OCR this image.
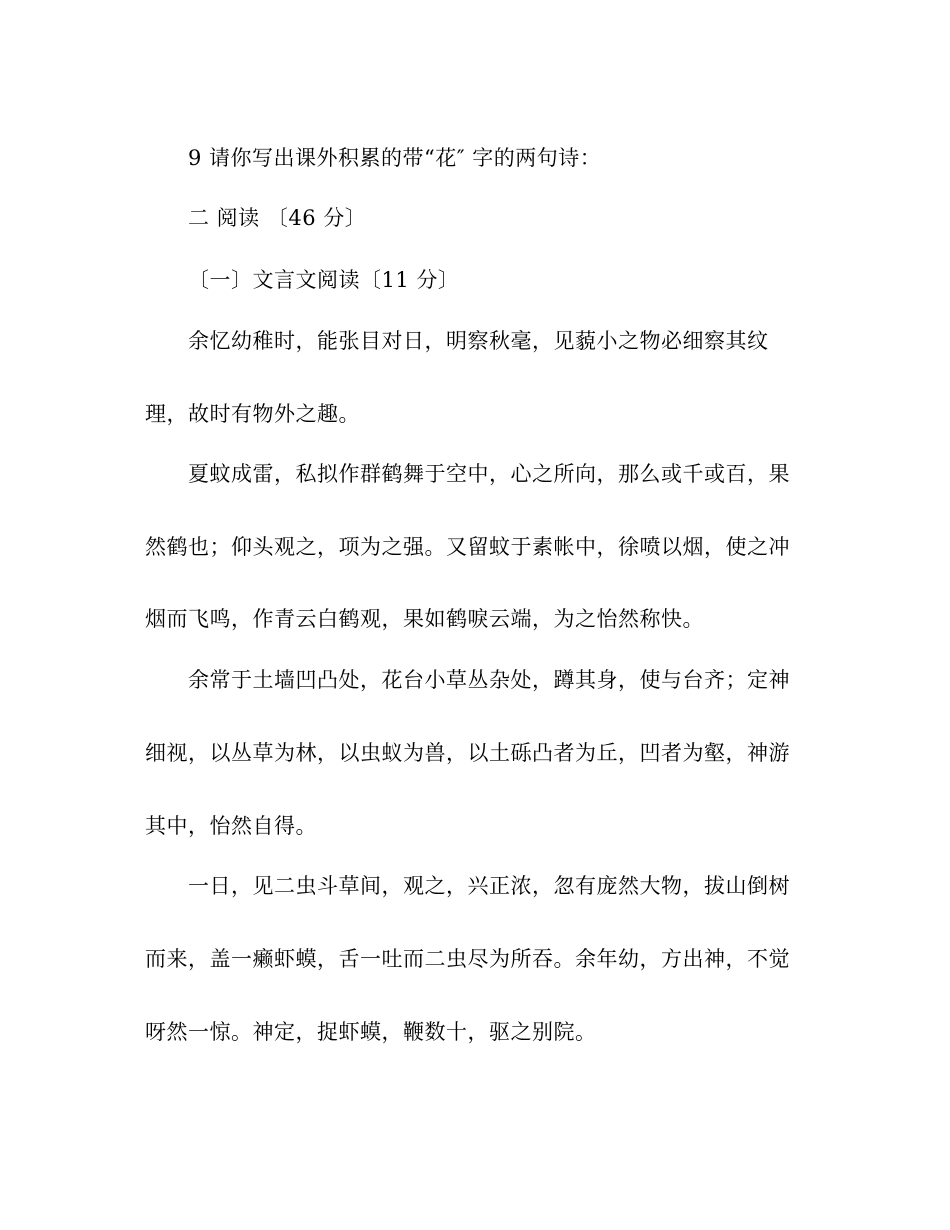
9 请你写出课外积累的带“花″ 字的两句诗：
二 阅读 〔46 分〕
〔一〕文言文阅读〔11 分〕
余忆幼稚时，能张目对日，明察秋毫，见藐小之物必细察其纹
理，故时有物外之趣。
夏蚊成雷，私拟作群鹤舞于空中，心之所向，那么或千或百，果
然鹤也；仰头观之，项为之强。又留蚊于素帐中，徐喷以烟，使之冲
烟而飞鸣，作青云白鹤观，果如鹤唳云端，为之怡然称快。
余常于土墙凹凸处，花台小草丛杂处，蹲其身，使与台齐；定神
细视，以丛草为林，以虫蚁为兽，以土砾凸者为丘，凹者为壑，神游
其中，怡然自得。
一日，见二虫斗草间，观之，兴正浓，忽有庞然大物，拔山倒树
而来，盖一癞虾蟆，舌一吐而二虫尽为所吞。余年幼，方出神，不觉
呀然一惊。神定，捉虾蟆，鞭数十，驱之别院。
